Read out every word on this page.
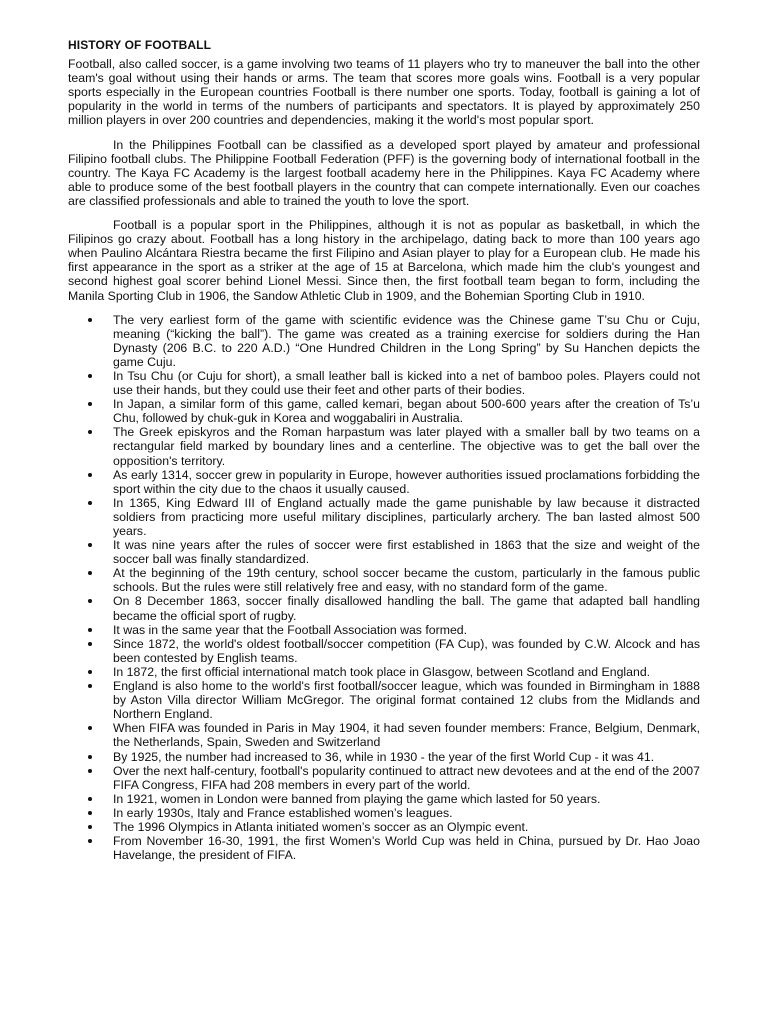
HISTORY OF FOOTBALL

Football, also called soccer, is a game involving two teams of 11 players who try to maneuver the ball into the other team's goal without using their hands or arms. The team that scores more goals wins. Football is a very popular sports especially in the European countries Football is there number one sports. Today, football is gaining a lot of popularity in the world in terms of the numbers of participants and spectators. It is played by approximately 250 million players in over 200 countries and dependencies, making it the world's most popular sport.

In the Philippines Football can be classified as a developed sport played by amateur and professional Filipino football clubs. The Philippine Football Federation (PFF) is the governing body of international football in the country. The Kaya FC Academy is the largest football academy here in the Philippines. Kaya FC Academy where able to produce some of the best football players in the country that can compete internationally. Even our coaches are classified professionals and able to trained the youth to love the sport.

Football is a popular sport in the Philippines, although it is not as popular as basketball, in which the Filipinos go crazy about. Football has a long history in the archipelago, dating back to more than 100 years ago when Paulino Alcántara Riestra became the first Filipino and Asian player to play for a European club. He made his first appearance in the sport as a striker at the age of 15 at Barcelona, which made him the club's youngest and second highest goal scorer behind Lionel Messi. Since then, the first football team began to form, including the Manila Sporting Club in 1906, the Sandow Athletic Club in 1909, and the Bohemian Sporting Club in 1910.

The very earliest form of the game with scientific evidence was the Chinese game T’su Chu or Cuju, meaning (“kicking the ball”). The game was created as a training exercise for soldiers during the Han Dynasty (206 B.C. to 220 A.D.) “One Hundred Children in the Long Spring” by Su Hanchen depicts the game Cuju.
In Tsu Chu (or Cuju for short), a small leather ball is kicked into a net of bamboo poles. Players could not use their hands, but they could use their feet and other parts of their bodies.
In Japan, a similar form of this game, called kemari, began about 500-600 years after the creation of Ts’u Chu, followed by chuk-guk in Korea and woggabaliri in Australia.
The Greek episkyros and the Roman harpastum was later played with a smaller ball by two teams on a rectangular field marked by boundary lines and a centerline. The objective was to get the ball over the opposition's territory.
As early 1314, soccer grew in popularity in Europe, however authorities issued proclamations forbidding the sport within the city due to the chaos it usually caused.
In 1365, King Edward III of England actually made the game punishable by law because it distracted soldiers from practicing more useful military disciplines, particularly archery. The ban lasted almost 500 years.
It was nine years after the rules of soccer were first established in 1863 that the size and weight of the soccer ball was finally standardized.
At the beginning of the 19th century, school soccer became the custom, particularly in the famous public schools. But the rules were still relatively free and easy, with no standard form of the game.
On 8 December 1863, soccer finally disallowed handling the ball. The game that adapted ball handling became the official sport of rugby.
It was in the same year that the Football Association was formed.
Since 1872, the world's oldest football/soccer competition (FA Cup), was founded by C.W. Alcock and has been contested by English teams.
In 1872, the first official international match took place in Glasgow, between Scotland and England.
England is also home to the world's first football/soccer league, which was founded in Birmingham in 1888 by Aston Villa director William McGregor. The original format contained 12 clubs from the Midlands and Northern England.
When FIFA was founded in Paris in May 1904, it had seven founder members: France, Belgium, Denmark, the Netherlands, Spain, Sweden and Switzerland
By 1925, the number had increased to 36, while in 1930 - the year of the first World Cup - it was 41.
Over the next half-century, football's popularity continued to attract new devotees and at the end of the 2007 FIFA Congress, FIFA had 208 members in every part of the world.
In 1921, women in London were banned from playing the game which lasted for 50 years.
In early 1930s, Italy and France established women’s leagues.
The 1996 Olympics in Atlanta initiated women’s soccer as an Olympic event.
From November 16-30, 1991, the first Women’s World Cup was held in China, pursued by Dr. Hao Joao Havelange, the president of FIFA.
